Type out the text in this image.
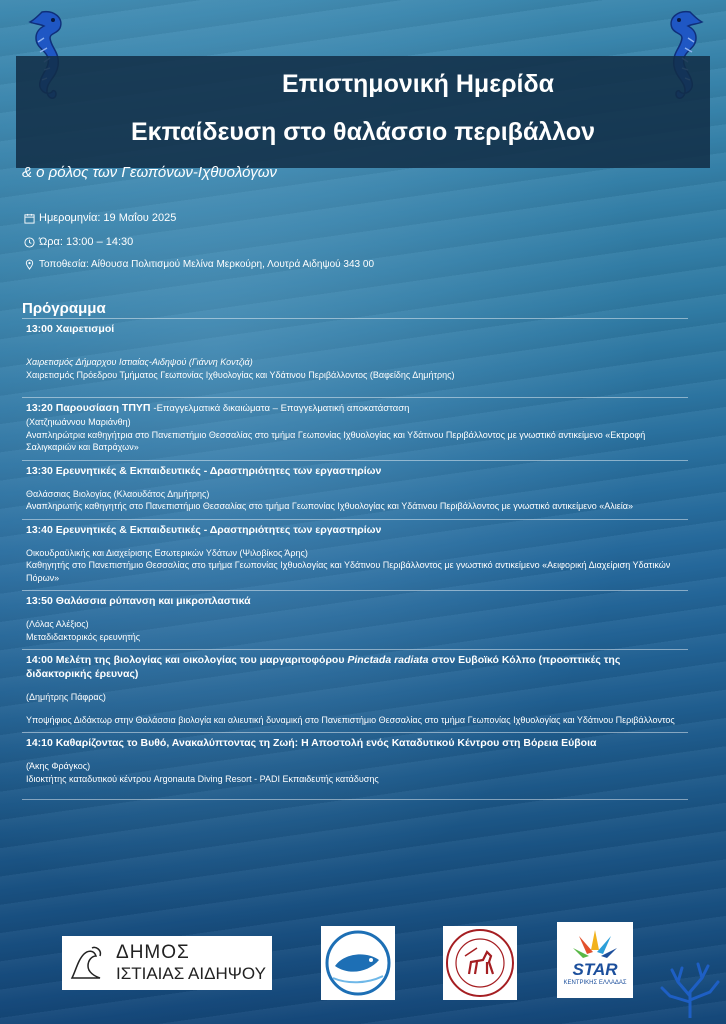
Επιστημονική Ημερίδα
Εκπαίδευση στο θαλάσσιο περιβάλλον
& ο ρόλος των Γεωπόνων-Ιχθυολόγων
Ημερομηνία: 19 Μαΐου 2025
Ώρα: 13:00 – 14:30
Τοποθεσία: Αίθουσα Πολιτισμού Μελίνα Μερκούρη, Λουτρά Αιδηψού 343 00
Πρόγραμμα
13:00 Χαιρετισμοί

Χαιρετισμός Δήμαρχου Ιστιαίας-Αιδηψού (Γιάννη Κοντζιά)

Χαιρετισμός Πρόεδρου Τμήματος Γεωπονίας Ιχθυολογίας και Υδάτινου Περιβάλλοντος (Βαφείδης Δημήτρης)

13:20 Παρουσίαση ΤΠΥΠ -Επαγγελματικά δικαιώματα – Επαγγελματική αποκατάσταση

(Χατζηιωάννου Μαριάνθη)

Αναπληρώτρια καθηγήτρια στο Πανεπιστήμιο Θεσσαλίας στο τμήμα Γεωπονίας Ιχθυολογίας και Υδάτινου Περιβάλλοντος με γνωστικό αντικείμενο «Εκτροφή Σαλιγκαριών και Βατράχων»

13:30 Ερευνητικές & Εκπαιδευτικές - Δραστηριότητες των εργαστηρίων

Θαλάσσιας Βιολογίας (Κλαουδάτος Δημήτρης)

Αναπληρωτής καθηγητής στο Πανεπιστήμιο Θεσσαλίας στο τμήμα Γεωπονίας Ιχθυολογίας και Υδάτινου Περιβάλλοντος με γνωστικό αντικείμενο «Αλιεία»

13:40 Ερευνητικές & Εκπαιδευτικές - Δραστηριότητες των εργαστηρίων

Οικουδραϋλικής και Διαχείρισης Εσωτερικών Υδάτων (Ψιλοβίκος Άρης)

Καθηγητής στο Πανεπιστήμιο Θεσσαλίας στο τμήμα Γεωπονίας Ιχθυολογίας και Υδάτινου Περιβάλλοντος με γνωστικό αντικείμενο «Αειφορική Διαχείριση Υδατικών Πόρων»

13:50 Θαλάσσια ρύπανση και μικροπλαστικά

(Λόλας Αλέξιος)

Μεταδιδακτορικός ερευνητής

14:00 Μελέτη της βιολογίας και οικολογίας του μαργαριτοφόρου Pinctada radiata στον Ευβοϊκό Κόλπο (προοπτικές της διδακτορικής έρευνας)

(Δημήτρης Πάφρας)

Υποψήφιος Διδάκτωρ στην Θαλάσσια βιολογία και αλιευτική δυναμική στο Πανεπιστήμιο Θεσσαλίας στο τμήμα Γεωπονίας Ιχθυολογίας και Υδάτινου Περιβάλλοντος

14:10 Καθαρίζοντας το Βυθό, Ανακαλύπτοντας τη Ζωή: Η Αποστολή ενός Καταδυτικού Κέντρου στη Βόρεια Εύβοια

(Άκης Φράγκος)

Ιδιοκτήτης καταδυτικού κέντρου Argonauta Diving Resort - PADI Εκπαιδευτής κατάδυσης

ΔΗΜΟΣ
ΙΣΤΙΑΙΑΣ ΑΙΔΗΨΟΥ	STAR
ΚΕΝΤΡΙΚΗΣ ΕΛΛΑΔΑΣ
